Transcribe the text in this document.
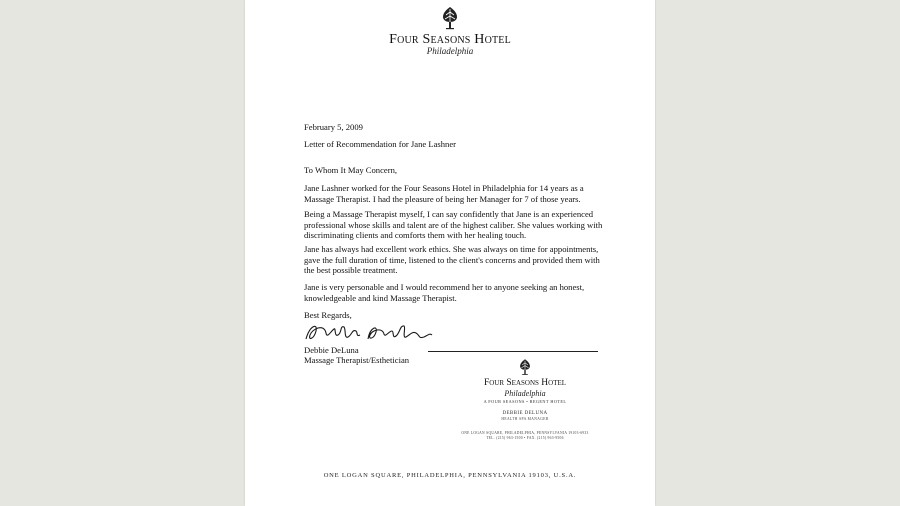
Four Seasons Hotel
Philadelphia
February 5, 2009
Letter of Recommendation for Jane Lashner
To Whom It May Concern,
Jane Lashner worked for the Four Seasons Hotel in Philadelphia for 14 years as a Massage Therapist. I had the pleasure of being her Manager for 7 of those years.
Being a Massage Therapist myself, I can say confidently that Jane is an experienced professional whose skills and talent are of the highest caliber. She values working with discriminating clients and comforts them with her healing touch.
Jane has always had excellent work ethics. She was always on time for appointments, gave the full duration of time, listened to the client's concerns and provided them with the best possible treatment.
Jane is very personable and I would recommend her to anyone seeking an honest, knowledgeable and kind Massage Therapist.
Best Regards,
Debbie DeLuna
Massage Therapist/Esthetician
Four Seasons Hotel
Philadelphia
A FOUR SEASONS • REGENT HOTEL
DEBBIE DELUNA
HEALTH SPA MANAGER
ONE LOGAN SQUARE, PHILADELPHIA, PENNSYLVANIA 19103-6933
TEL. (215) 963-1500 • FAX. (215) 963-9506
ONE LOGAN SQUARE, PHILADELPHIA, PENNSYLVANIA 19103, U.S.A.
